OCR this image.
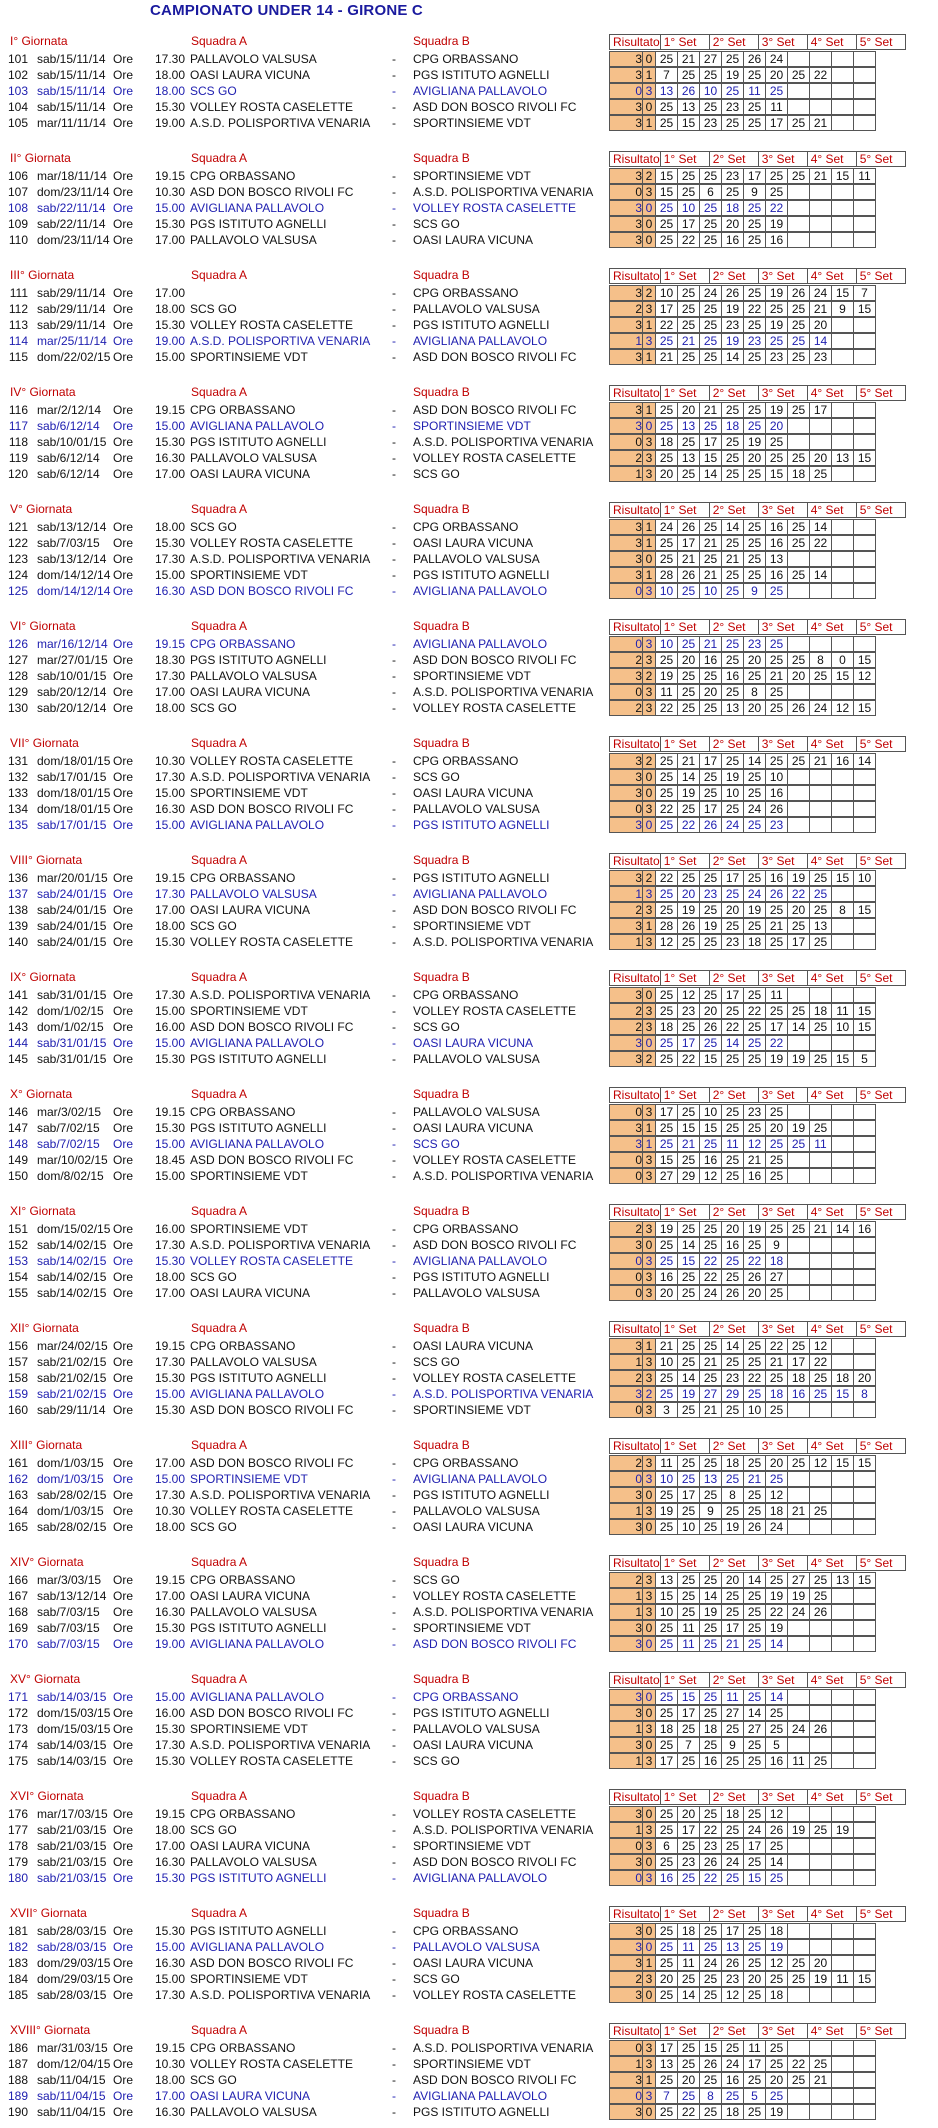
CAMPIONATO UNDER 14 - GIRONE C
I° Giornata	Squadra A	Squadra B	Risultato	1° Set	2° Set	3° Set	4° Set	5° Set
101 sab/15/11/14 Ore 17.30 PALLAVOLO VALSUSA	- CPG ORBASSANO	3	0	25	21	27	25	26	24				
102 sab/15/11/14 Ore 18.00 OASI LAURA VICUNA	- PGS ISTITUTO AGNELLI	3	1	7	25	25	19	25	20	25	22		
103 sab/15/11/14 Ore 18.00 SCS GO	- AVIGLIANA PALLAVOLO	0	3	13	26	10	25	11	25				
104 sab/15/11/14 Ore 15.30 VOLLEY ROSTA CASELETTE	- ASD DON BOSCO RIVOLI FC	3	0	25	13	25	23	25	11				
105 mar/11/11/14 Ore 19.00 A.S.D. POLISPORTIVA VENARIA - SPORTINSIEME VDT	3	1	25	15	23	25	25	17	25	21		
II° Giornata	Squadra A	Squadra B	Risultato	1° Set	2° Set	3° Set	4° Set	5° Set
106 mar/18/11/14 Ore 19.15 CPG ORBASSANO	- SPORTINSIEME VDT	3	2	15	25	25	23	17	25	25	21	15	11
107 dom/23/11/14 Ore 10.30 ASD DON BOSCO RIVOLI FC	- A.S.D. POLISPORTIVA VENARIA	0	3	15	25	6	25	9	25				
108 sab/22/11/14 Ore 15.00 AVIGLIANA PALLAVOLO	- VOLLEY ROSTA CASELETTE	3	0	25	10	25	18	25	22				
109 sab/22/11/14 Ore 15.30 PGS ISTITUTO AGNELLI	- SCS GO	3	0	25	17	25	20	25	19				
110 dom/23/11/14 Ore 17.00 PALLAVOLO VALSUSA	- OASI LAURA VICUNA	3	0	25	22	25	16	25	16				
III° Giornata	Squadra A	Squadra B	Risultato	1° Set	2° Set	3° Set	4° Set	5° Set
111 sab/29/11/14 Ore 17.00	- CPG ORBASSANO	3	2	10	25	24	26	25	19	26	24	15	7
112 sab/29/11/14 Ore 18.00 SCS GO	- PALLAVOLO VALSUSA	2	3	17	25	25	19	22	25	25	21	9	15
113 sab/29/11/14 Ore 15.30 VOLLEY ROSTA CASELETTE	- PGS ISTITUTO AGNELLI	3	1	22	25	25	23	25	19	25	20		
114 mar/25/11/14 Ore 19.00 A.S.D. POLISPORTIVA VENARIA - AVIGLIANA PALLAVOLO	1	3	25	21	25	19	23	25	25	14		
115 dom/22/02/15 Ore 15.00 SPORTINSIEME VDT	- ASD DON BOSCO RIVOLI FC	3	1	21	25	25	14	25	23	25	23		
IV° Giornata	Squadra A	Squadra B	Risultato	1° Set	2° Set	3° Set	4° Set	5° Set
116 mar/2/12/14 Ore 19.15 CPG ORBASSANO	- ASD DON BOSCO RIVOLI FC	3	1	25	20	21	25	25	19	25	17		
117 sab/6/12/14 Ore 15.00 AVIGLIANA PALLAVOLO	- SPORTINSIEME VDT	3	0	25	13	25	18	25	20				
118 sab/10/01/15 Ore 15.30 PGS ISTITUTO AGNELLI	- A.S.D. POLISPORTIVA VENARIA	0	3	18	25	17	25	19	25				
119 sab/6/12/14 Ore 16.30 PALLAVOLO VALSUSA	- VOLLEY ROSTA CASELETTE	2	3	25	13	15	25	20	25	25	20	13	15
120 sab/6/12/14 Ore 17.00 OASI LAURA VICUNA	- SCS GO	1	3	20	25	14	25	25	15	18	25		
V° Giornata	Squadra A	Squadra B	Risultato	1° Set	2° Set	3° Set	4° Set	5° Set
121 sab/13/12/14 Ore 18.00 SCS GO	- CPG ORBASSANO	3	1	24	26	25	14	25	16	25	14		
122 sab/7/03/15 Ore 15.30 VOLLEY ROSTA CASELETTE	- OASI LAURA VICUNA	3	1	25	17	21	25	25	16	25	22		
123 sab/13/12/14 Ore 17.30 A.S.D. POLISPORTIVA VENARIA - PALLAVOLO VALSUSA	3	0	25	21	25	21	25	13				
124 dom/14/12/14 Ore 15.00 SPORTINSIEME VDT	- PGS ISTITUTO AGNELLI	3	1	28	26	21	25	25	16	25	14		
125 dom/14/12/14 Ore 16.30 ASD DON BOSCO RIVOLI FC	- AVIGLIANA PALLAVOLO	0	3	10	25	10	25	9	25				
VI° Giornata	Squadra A	Squadra B	Risultato	1° Set	2° Set	3° Set	4° Set	5° Set
126 mar/16/12/14 Ore 19.15 CPG ORBASSANO	- AVIGLIANA PALLAVOLO	0	3	10	25	21	25	23	25				
127 mar/27/01/15 Ore 18.30 PGS ISTITUTO AGNELLI	- ASD DON BOSCO RIVOLI FC	2	3	25	20	16	25	20	25	25	8	0	15
128 sab/10/01/15 Ore 17.30 PALLAVOLO VALSUSA	- SPORTINSIEME VDT	3	2	19	25	25	16	25	21	20	25	15	12
129 sab/20/12/14 Ore 17.00 OASI LAURA VICUNA	- A.S.D. POLISPORTIVA VENARIA	0	3	11	25	20	25	8	25				
130 sab/20/12/14 Ore 18.00 SCS GO	- VOLLEY ROSTA CASELETTE	2	3	22	25	25	13	20	25	26	24	12	15
VII° Giornata	Squadra A	Squadra B	Risultato	1° Set	2° Set	3° Set	4° Set	5° Set
131 dom/18/01/15 Ore 10.30 VOLLEY ROSTA CASELETTE	- CPG ORBASSANO	3	2	25	21	17	25	14	25	25	21	16	14
132 sab/17/01/15 Ore 17.30 A.S.D. POLISPORTIVA VENARIA - SCS GO	3	0	25	14	25	19	25	10				
133 dom/18/01/15 Ore 15.00 SPORTINSIEME VDT	- OASI LAURA VICUNA	3	0	25	19	25	10	25	16				
134 dom/18/01/15 Ore 16.30 ASD DON BOSCO RIVOLI FC	- PALLAVOLO VALSUSA	0	3	22	25	17	25	24	26				
135 sab/17/01/15 Ore 15.00 AVIGLIANA PALLAVOLO	- PGS ISTITUTO AGNELLI	3	0	25	22	26	24	25	23				
VIII° Giornata	Squadra A	Squadra B	Risultato	1° Set	2° Set	3° Set	4° Set	5° Set
136 mar/20/01/15 Ore 19.15 CPG ORBASSANO	- PGS ISTITUTO AGNELLI	3	2	22	25	25	17	25	16	19	25	15	10
137 sab/24/01/15 Ore 17.30 PALLAVOLO VALSUSA	- AVIGLIANA PALLAVOLO	1	3	25	20	23	25	24	26	22	25		
138 sab/24/01/15 Ore 17.00 OASI LAURA VICUNA	- ASD DON BOSCO RIVOLI FC	2	3	25	19	25	20	19	25	20	25	8	15
139 sab/24/01/15 Ore 18.00 SCS GO	- SPORTINSIEME VDT	3	1	28	26	19	25	25	21	25	13		
140 sab/24/01/15 Ore 15.30 VOLLEY ROSTA CASELETTE	- A.S.D. POLISPORTIVA VENARIA	1	3	12	25	25	23	18	25	17	25		
IX° Giornata	Squadra A	Squadra B	Risultato	1° Set	2° Set	3° Set	4° Set	5° Set
141 sab/31/01/15 Ore 17.30 A.S.D. POLISPORTIVA VENARIA - CPG ORBASSANO	3	0	25	12	25	17	25	11				
142 dom/1/02/15 Ore 15.00 SPORTINSIEME VDT	- VOLLEY ROSTA CASELETTE	2	3	25	23	20	25	22	25	25	18	11	15
143 dom/1/02/15 Ore 16.00 ASD DON BOSCO RIVOLI FC	- SCS GO	2	3	18	25	26	22	25	17	14	25	10	15
144 sab/31/01/15 Ore 15.00 AVIGLIANA PALLAVOLO	- OASI LAURA VICUNA	3	0	25	17	25	14	25	22				
145 sab/31/01/15 Ore 15.30 PGS ISTITUTO AGNELLI	- PALLAVOLO VALSUSA	3	2	25	22	15	25	25	19	19	25	15	5
X° Giornata	Squadra A	Squadra B	Risultato	1° Set	2° Set	3° Set	4° Set	5° Set
146 mar/3/02/15 Ore 19.15 CPG ORBASSANO	- PALLAVOLO VALSUSA	0	3	17	25	10	25	23	25				
147 sab/7/02/15 Ore 15.30 PGS ISTITUTO AGNELLI	- OASI LAURA VICUNA	3	1	25	15	15	25	25	20	19	25		
148 sab/7/02/15 Ore 15.00 AVIGLIANA PALLAVOLO	- SCS GO	3	1	25	21	25	11	12	25	25	11		
149 mar/10/02/15 Ore 18.45 ASD DON BOSCO RIVOLI FC	- VOLLEY ROSTA CASELETTE	0	3	15	25	16	25	21	25				
150 dom/8/02/15 Ore 15.00 SPORTINSIEME VDT	- A.S.D. POLISPORTIVA VENARIA	0	3	27	29	12	25	16	25				
XI° Giornata	Squadra A	Squadra B	Risultato	1° Set	2° Set	3° Set	4° Set	5° Set
151 dom/15/02/15 Ore 16.00 SPORTINSIEME VDT	- CPG ORBASSANO	2	3	19	25	25	20	19	25	25	21	14	16
152 sab/14/02/15 Ore 17.30 A.S.D. POLISPORTIVA VENARIA - ASD DON BOSCO RIVOLI FC	3	0	25	14	25	16	25	9				
153 sab/14/02/15 Ore 15.30 VOLLEY ROSTA CASELETTE	- AVIGLIANA PALLAVOLO	0	3	25	15	22	25	22	18				
154 sab/14/02/15 Ore 18.00 SCS GO	- PGS ISTITUTO AGNELLI	0	3	16	25	22	25	26	27				
155 sab/14/02/15 Ore 17.00 OASI LAURA VICUNA	- PALLAVOLO VALSUSA	0	3	20	25	24	26	20	25				
XII° Giornata	Squadra A	Squadra B	Risultato	1° Set	2° Set	3° Set	4° Set	5° Set
156 mar/24/02/15 Ore 19.15 CPG ORBASSANO	- OASI LAURA VICUNA	3	1	21	25	25	14	25	22	25	12		
157 sab/21/02/15 Ore 17.30 PALLAVOLO VALSUSA	- SCS GO	1	3	10	25	21	25	25	21	17	22		
158 sab/21/02/15 Ore 15.30 PGS ISTITUTO AGNELLI	- VOLLEY ROSTA CASELETTE	2	3	25	14	25	23	22	25	18	25	18	20
159 sab/21/02/15 Ore 15.00 AVIGLIANA PALLAVOLO	- A.S.D. POLISPORTIVA VENARIA	3	2	25	19	27	29	25	18	16	25	15	8
160 sab/29/11/14 Ore 15.30 ASD DON BOSCO RIVOLI FC	- SPORTINSIEME VDT	0	3	3	25	21	25	10	25				
XIII° Giornata	Squadra A	Squadra B	Risultato	1° Set	2° Set	3° Set	4° Set	5° Set
161 dom/1/03/15 Ore 17.00 ASD DON BOSCO RIVOLI FC	- CPG ORBASSANO	2	3	11	25	25	18	25	20	25	12	15	15
162 dom/1/03/15 Ore 15.00 SPORTINSIEME VDT	- AVIGLIANA PALLAVOLO	0	3	10	25	13	25	21	25				
163 sab/28/02/15 Ore 17.30 A.S.D. POLISPORTIVA VENARIA - PGS ISTITUTO AGNELLI	3	0	25	17	25	8	25	12				
164 dom/1/03/15 Ore 10.30 VOLLEY ROSTA CASELETTE	- PALLAVOLO VALSUSA	1	3	19	25	9	25	25	18	21	25		
165 sab/28/02/15 Ore 18.00 SCS GO	- OASI LAURA VICUNA	3	0	25	10	25	19	26	24				
XIV° Giornata	Squadra A	Squadra B	Risultato	1° Set	2° Set	3° Set	4° Set	5° Set
166 mar/3/03/15 Ore 19.15 CPG ORBASSANO	- SCS GO	2	3	13	25	25	20	14	25	27	25	13	15
167 sab/13/12/14 Ore 17.00 OASI LAURA VICUNA	- VOLLEY ROSTA CASELETTE	1	3	15	25	14	25	25	19	19	25		
168 sab/7/03/15 Ore 16.30 PALLAVOLO VALSUSA	- A.S.D. POLISPORTIVA VENARIA	1	3	10	25	19	25	25	22	24	26		
169 sab/7/03/15 Ore 15.30 PGS ISTITUTO AGNELLI	- SPORTINSIEME VDT	3	0	25	11	25	17	25	19				
170 sab/7/03/15 Ore 19.00 AVIGLIANA PALLAVOLO	- ASD DON BOSCO RIVOLI FC	3	0	25	11	25	21	25	14				
XV° Giornata	Squadra A	Squadra B	Risultato	1° Set	2° Set	3° Set	4° Set	5° Set
171 sab/14/03/15 Ore 15.00 AVIGLIANA PALLAVOLO	- CPG ORBASSANO	3	0	25	15	25	11	25	14				
172 dom/15/03/15 Ore 16.00 ASD DON BOSCO RIVOLI FC	- PGS ISTITUTO AGNELLI	3	0	25	17	25	27	14	25				
173 dom/15/03/15 Ore 15.30 SPORTINSIEME VDT	- PALLAVOLO VALSUSA	1	3	18	25	18	25	27	25	24	26		
174 sab/14/03/15 Ore 17.30 A.S.D. POLISPORTIVA VENARIA - OASI LAURA VICUNA	3	0	25	7	25	9	25	5				
175 sab/14/03/15 Ore 15.30 VOLLEY ROSTA CASELETTE	- SCS GO	1	3	17	25	16	25	25	16	11	25		
XVI° Giornata	Squadra A	Squadra B	Risultato	1° Set	2° Set	3° Set	4° Set	5° Set
176 mar/17/03/15 Ore 19.15 CPG ORBASSANO	- VOLLEY ROSTA CASELETTE	3	0	25	20	25	18	25	12				
177 sab/21/03/15 Ore 18.00 SCS GO	- A.S.D. POLISPORTIVA VENARIA	1	3	25	17	22	25	24	26	19	25	19	
178 sab/21/03/15 Ore 17.00 OASI LAURA VICUNA	- SPORTINSIEME VDT	0	3	6	25	23	25	17	25				
179 sab/21/03/15 Ore 16.30 PALLAVOLO VALSUSA	- ASD DON BOSCO RIVOLI FC	3	0	25	23	26	24	25	14				
180 sab/21/03/15 Ore 15.30 PGS ISTITUTO AGNELLI	- AVIGLIANA PALLAVOLO	0	3	16	25	22	25	15	25				
XVII° Giornata	Squadra A	Squadra B	Risultato	1° Set	2° Set	3° Set	4° Set	5° Set
181 sab/28/03/15 Ore 15.30 PGS ISTITUTO AGNELLI	- CPG ORBASSANO	3	0	25	18	25	17	25	18				
182 sab/28/03/15 Ore 15.00 AVIGLIANA PALLAVOLO	- PALLAVOLO VALSUSA	3	0	25	11	25	13	25	19				
183 dom/29/03/15 Ore 16.30 ASD DON BOSCO RIVOLI FC	- OASI LAURA VICUNA	3	1	25	11	24	26	25	12	25	20		
184 dom/29/03/15 Ore 15.00 SPORTINSIEME VDT	- SCS GO	2	3	20	25	25	23	20	25	25	19	11	15
185 sab/28/03/15 Ore 17.30 A.S.D. POLISPORTIVA VENARIA - VOLLEY ROSTA CASELETTE	3	0	25	14	25	12	25	18				
XVIII° Giornata	Squadra A	Squadra B	Risultato	1° Set	2° Set	3° Set	4° Set	5° Set
186 mar/31/03/15 Ore 19.15 CPG ORBASSANO	- A.S.D. POLISPORTIVA VENARIA	0	3	17	25	15	25	11	25				
187 dom/12/04/15 Ore 10.30 VOLLEY ROSTA CASELETTE	- SPORTINSIEME VDT	1	3	13	25	26	24	17	25	22	25		
188 sab/11/04/15 Ore 18.00 SCS GO	- ASD DON BOSCO RIVOLI FC	3	1	25	20	25	16	25	20	25	21		
189 sab/11/04/15 Ore 17.00 OASI LAURA VICUNA	- AVIGLIANA PALLAVOLO	0	3	7	25	8	25	5	25				
190 sab/11/04/15 Ore 16.30 PALLAVOLO VALSUSA	- PGS ISTITUTO AGNELLI	3	0	25	22	25	18	25	19				
